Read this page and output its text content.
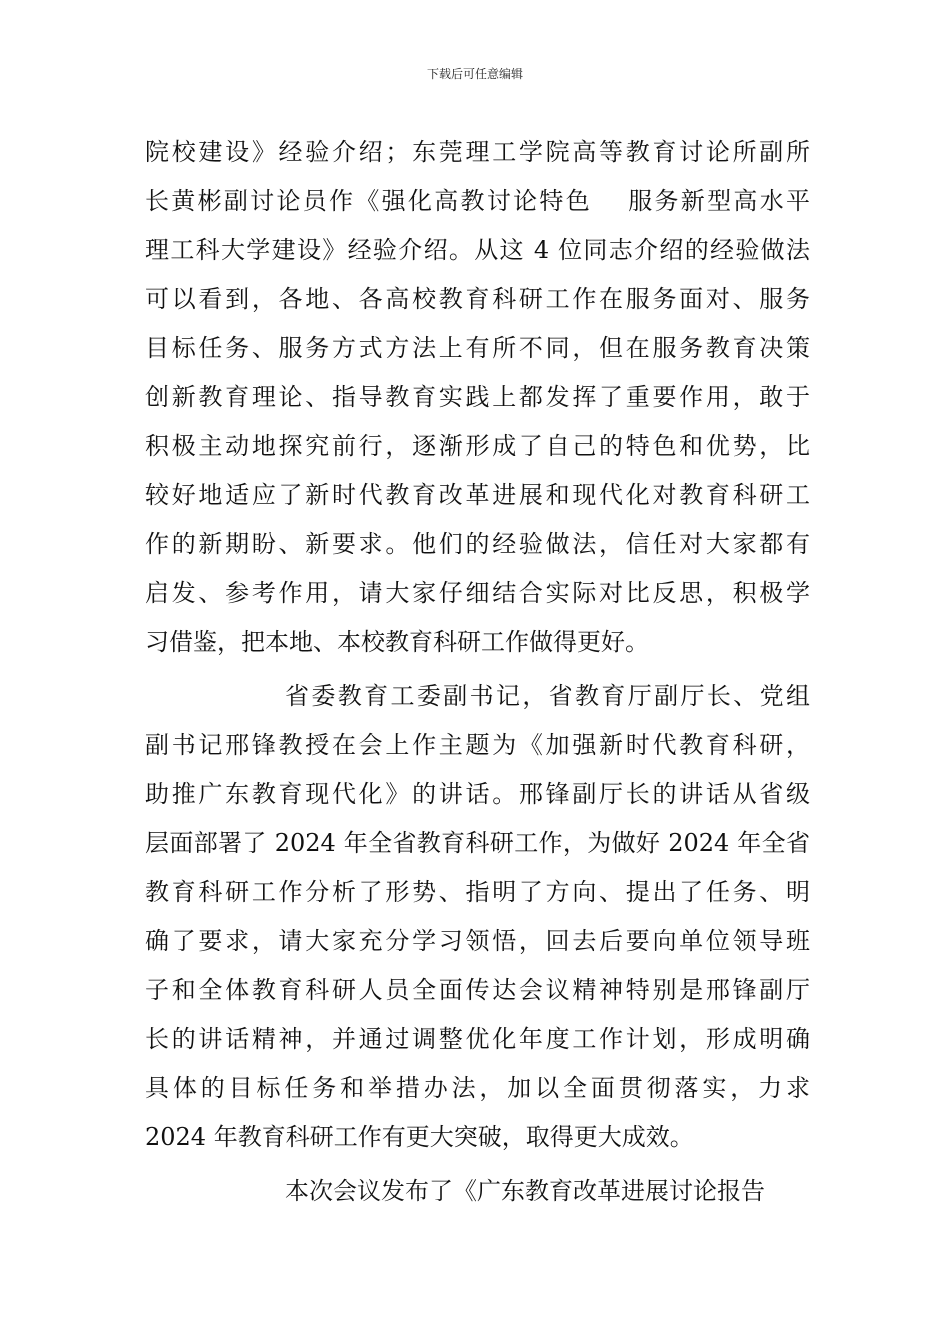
下载后可任意编辑
院校建设》经验介绍；东莞理工学院高等教育讨论所副所
长黄彬副讨论员作《强化高教讨论特色　 服务新型高水平
理工科大学建设》经验介绍。从这 4 位同志介绍的经验做法
可以看到，各地、各高校教育科研工作在服务面对、服务
目标任务、服务方式方法上有所不同，但在服务教育决策
创新教育理论、指导教育实践上都发挥了重要作用，敢于
积极主动地探究前行，逐渐形成了自己的特色和优势，比
较好地适应了新时代教育改革进展和现代化对教育科研工
作的新期盼、新要求。他们的经验做法，信任对大家都有
启发、参考作用，请大家仔细结合实际对比反思，积极学
习借鉴，把本地、本校教育科研工作做得更好。
省委教育工委副书记，省教育厅副厅长、党组
副书记邢锋教授在会上作主题为《加强新时代教育科研，
助推广东教育现代化》的讲话。邢锋副厅长的讲话从省级
层面部署了 2024 年全省教育科研工作，为做好 2024 年全省
教育科研工作分析了形势、指明了方向、提出了任务、明
确了要求，请大家充分学习领悟，回去后要向单位领导班
子和全体教育科研人员全面传达会议精神特别是邢锋副厅
长的讲话精神，并通过调整优化年度工作计划，形成明确
具体的目标任务和举措办法，加以全面贯彻落实，力求
2024 年教育科研工作有更大突破，取得更大成效。
本次会议发布了《广东教育改革进展讨论报告
